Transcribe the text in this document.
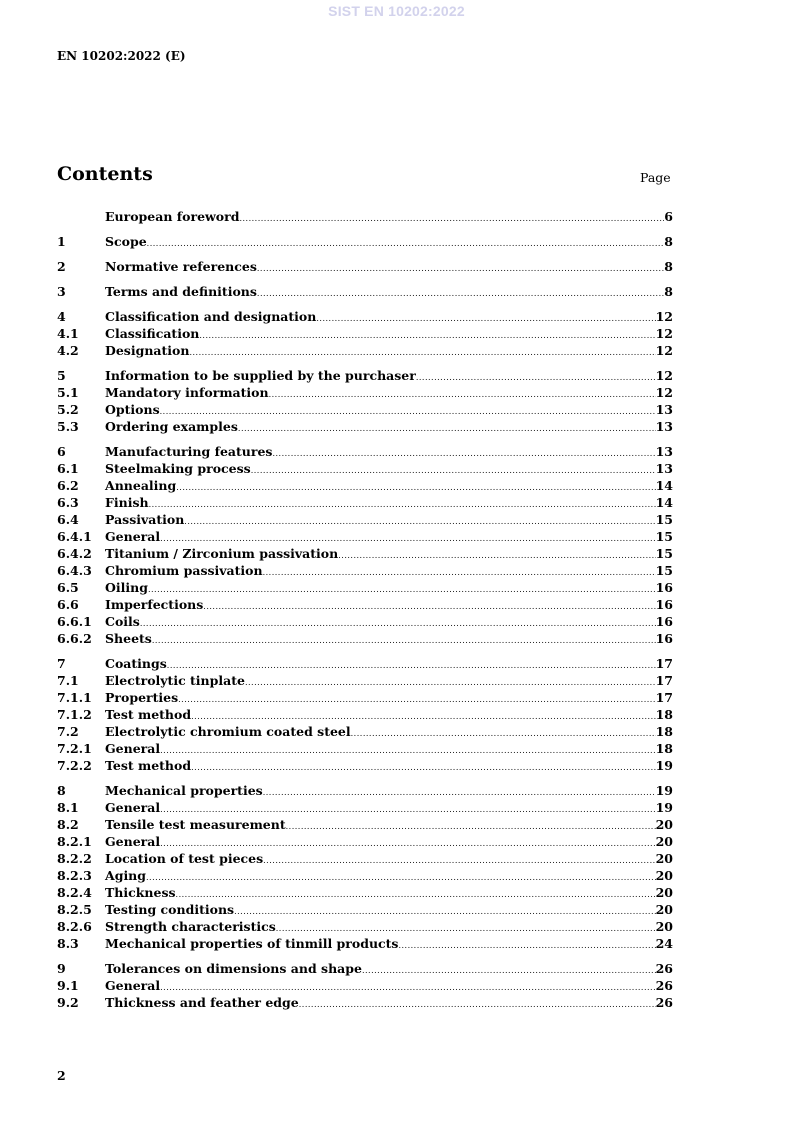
SIST EN 10202:2022
EN 10202:2022 (E)
Contents	Page
European foreword .....	6
1	Scope .....	8
2	Normative references .....	8
3	Terms and definitions .....	8
4	Classification and designation .....	12
4.1	Classification .....	12
4.2	Designation .....	12
5	Information to be supplied by the purchaser .....	12
5.1	Mandatory information .....	12
5.2	Options .....	13
5.3	Ordering examples .....	13
6	Manufacturing features .....	13
6.1	Steelmaking process .....	13
6.2	Annealing .....	14
6.3	Finish .....	14
6.4	Passivation .....	15
6.4.1	General .....	15
6.4.2	Titanium / Zirconium passivation .....	15
6.4.3	Chromium passivation .....	15
6.5	Oiling .....	16
6.6	Imperfections .....	16
6.6.1	Coils .....	16
6.6.2	Sheets .....	16
7	Coatings .....	17
7.1	Electrolytic tinplate .....	17
7.1.1	Properties .....	17
7.1.2	Test method .....	18
7.2	Electrolytic chromium coated steel .....	18
7.2.1	General .....	18
7.2.2	Test method .....	19
8	Mechanical properties .....	19
8.1	General .....	19
8.2	Tensile test measurement .....	20
8.2.1	General .....	20
8.2.2	Location of test pieces .....	20
8.2.3	Aging .....	20
8.2.4	Thickness .....	20
8.2.5	Testing conditions .....	20
8.2.6	Strength characteristics .....	20
8.3	Mechanical properties of tinmill products .....	24
9	Tolerances on dimensions and shape .....	26
9.1	General .....	26
9.2	Thickness and feather edge .....	26
2
